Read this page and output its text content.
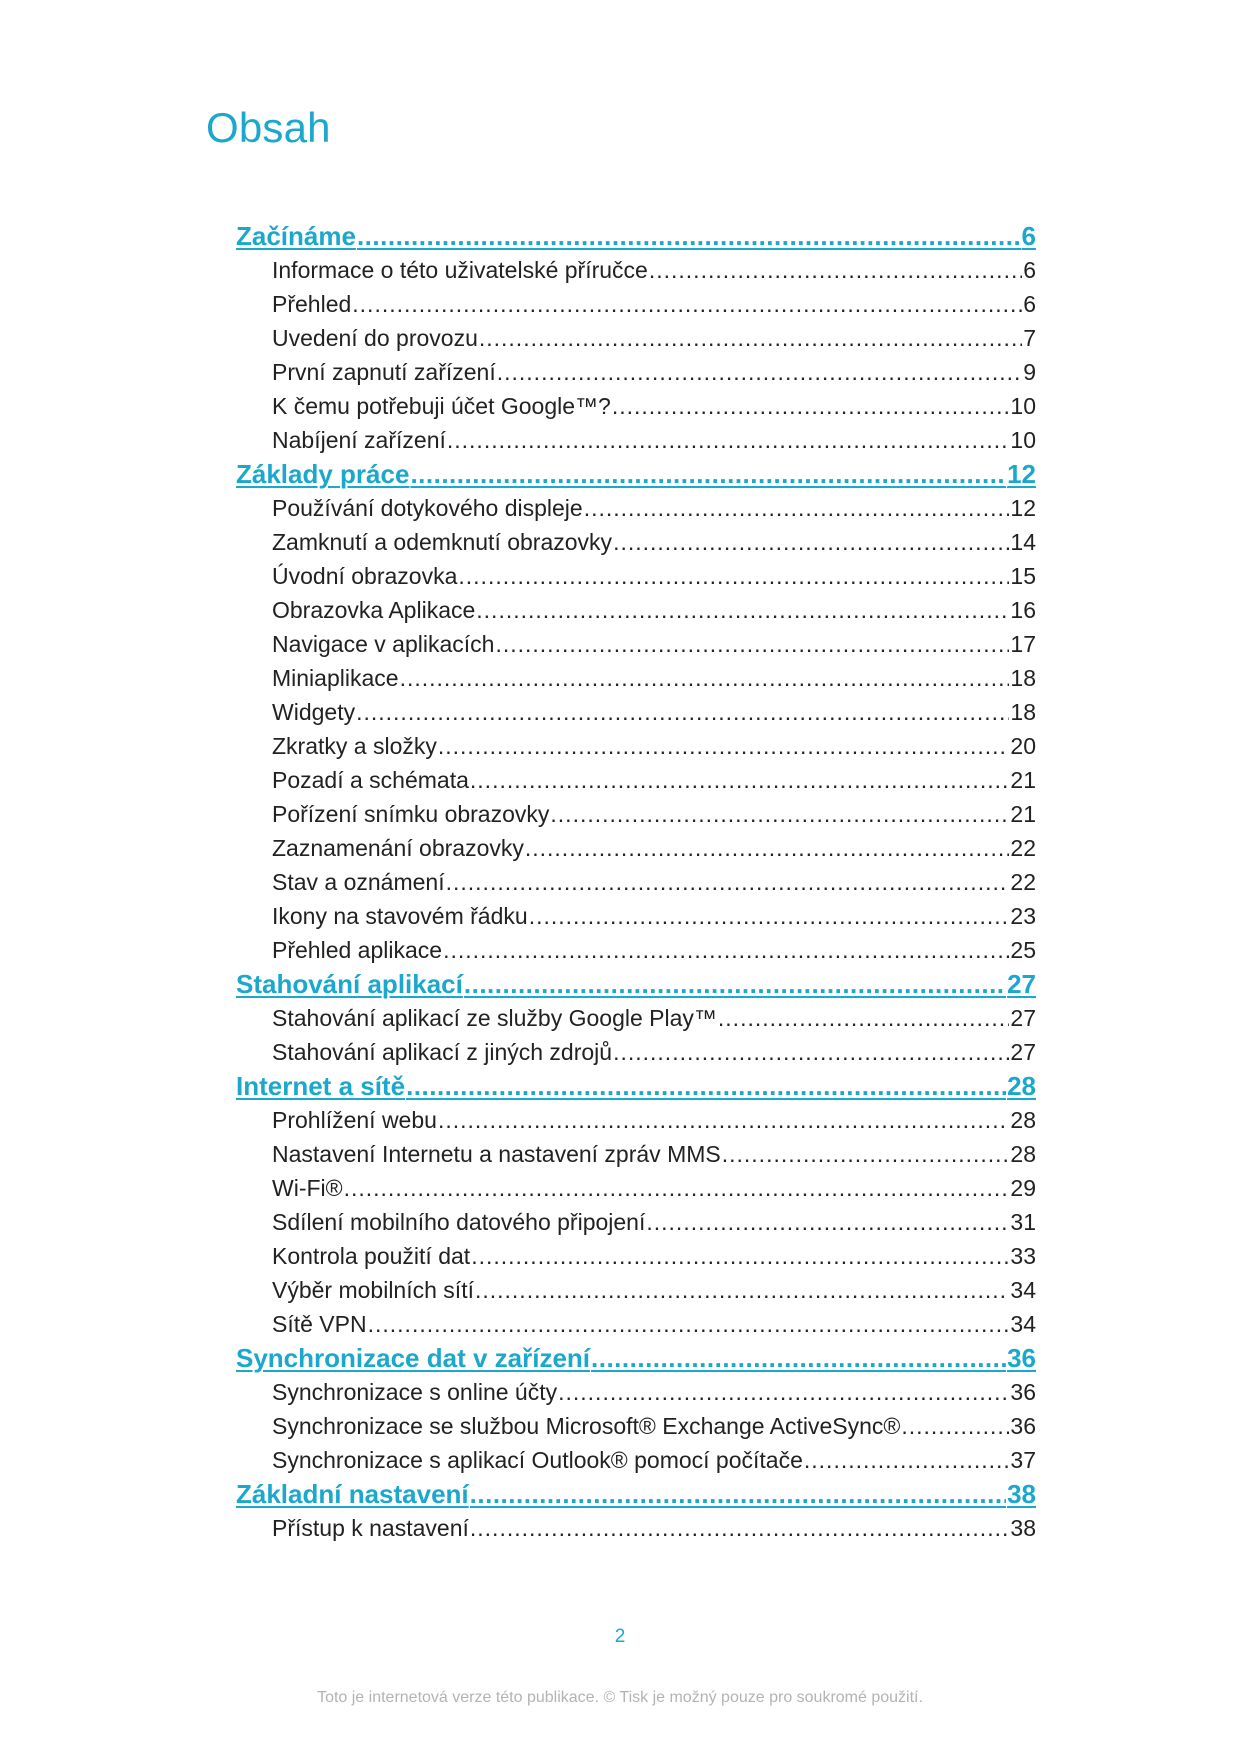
Obsah
Začínáme .....	6
Informace o této uživatelské příručce .....	6
Přehled .....	6
Uvedení do provozu .....	7
První zapnutí zařízení .....	9
K čemu potřebuji účet Google™? .....	10
Nabíjení zařízení .....	10
Základy práce .....	12
Používání dotykového displeje .....	12
Zamknutí a odemknutí obrazovky .....	14
Úvodní obrazovka .....	15
Obrazovka Aplikace .....	16
Navigace v aplikacích .....	17
Miniaplikace .....	18
Widgety .....	18
Zkratky a složky .....	20
Pozadí a schémata .....	21
Pořízení snímku obrazovky .....	21
Zaznamenání obrazovky .....	22
Stav a oznámení .....	22
Ikony na stavovém řádku .....	23
Přehled aplikace .....	25
Stahování aplikací .....	27
Stahování aplikací ze služby Google Play™ .....	27
Stahování aplikací z jiných zdrojů .....	27
Internet a sítě .....	28
Prohlížení webu .....	28
Nastavení Internetu a nastavení zpráv MMS .....	28
Wi-Fi® .....	29
Sdílení mobilního datového připojení .....	31
Kontrola použití dat .....	33
Výběr mobilních sítí .....	34
Sítě VPN .....	34
Synchronizace dat v zařízení .....	36
Synchronizace s online účty .....	36
Synchronizace se službou Microsoft® Exchange ActiveSync® .....	36
Synchronizace s aplikací Outlook® pomocí počítače .....	37
Základní nastavení .....	38
Přístup k nastavení .....	38
2
Toto je internetová verze této publikace. © Tisk je možný pouze pro soukromé použití.
